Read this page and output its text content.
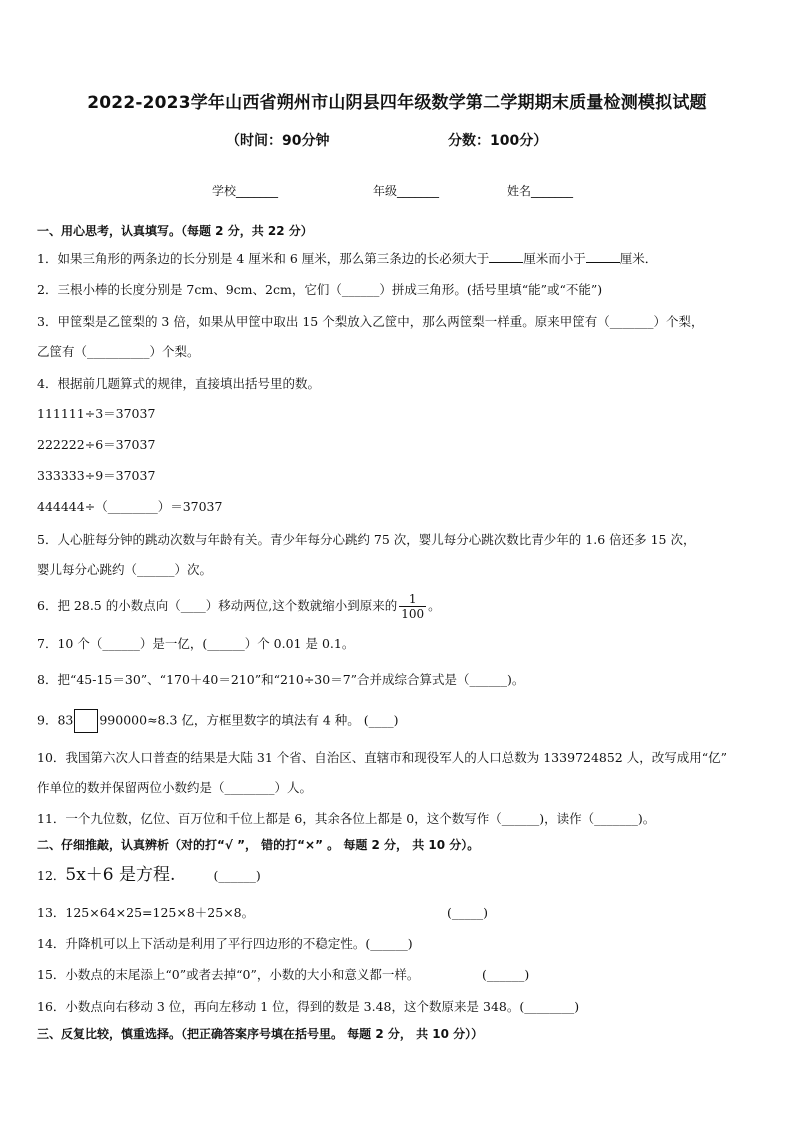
2022-2023学年山西省朔州市山阴县四年级数学第二学期期末质量检测模拟试题
（时间：90分钟	分数：100分）
学校_______	年级_______	姓名_______
一、用心思考，认真填写。（每题 2 分，共 22 分）
1．如果三角形的两条边的长分别是 4 厘米和 6 厘米，那么第三条边的长必须大于	厘米而小于	厘米．
2．三根小棒的长度分别是 7cm、9cm、2cm，它们（______）拼成三角形。(括号里填“能”或“不能”)
3．甲筐梨是乙筐梨的 3 倍，如果从甲筐中取出 15 个梨放入乙筐中，那么两筐梨一样重。原来甲筐有（_______）个梨，
乙筐有（__________）个梨。
4．根据前几题算式的规律，直接填出括号里的数。
111111÷3＝37037
222222÷6＝37037
333333÷9＝37037
444444÷（________）＝37037
5．人心脏每分钟的跳动次数与年龄有关。青少年每分心跳约 75 次，婴儿每分心跳次数比青少年的 1.6 倍还多 15 次，
婴儿每分心跳约（______）次。
6．把 28.5 的小数点向（____）移动两位,这个数就缩小到原来的 $\frac{1}{100}$ 。
7．10 个（______）是一亿，(______）个 0.01 是 0.1。
8．把“45-15＝30”、“170＋40＝210”和“210÷30＝7”合并成综合算式是（______)。
9．83 990000≈8.3 亿，方框里数字的填法有 4 种。 (____)
10．我国第六次人口普查的结果是大陆 31 个省、自治区、直辖市和现役军人的人口总数为 1339724852 人，改写成用“亿”
作单位的数并保留两位小数约是（________）人。
11．一个九位数，亿位、百万位和千位上都是 6，其余各位上都是 0，这个数写作（______)，读作（_______)。
二、仔细推敲，认真辨析（对的打“√ ”， 错的打“×” 。 每题 2 分， 共 10 分）。
12．5x＋6 是方程.	(______)
13．125×64×25=125×8＋25×8。	(_____)
14．升降机可以上下活动是利用了平行四边形的不稳定性。(______)
15．小数点的末尾添上“0”或者去掉“0”，小数的大小和意义都一样。	(______)
16．小数点向右移动 3 位，再向左移动 1 位，得到的数是 3.48，这个数原来是 348。(________)
三、反复比较，慎重选择。（把正确答案序号填在括号里。 每题 2 分， 共 10 分））
